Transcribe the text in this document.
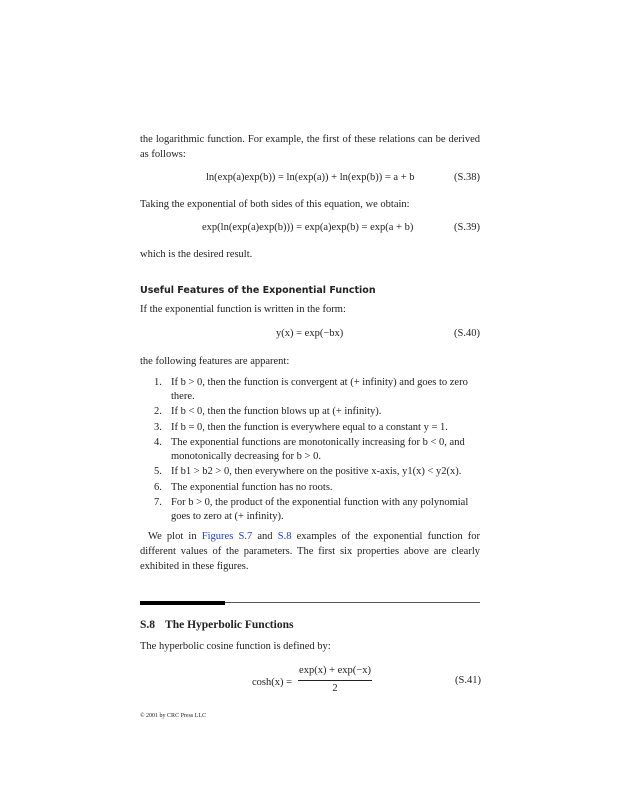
the logarithmic function. For example, the first of these relations can be derived as follows:
ln(exp(a)exp(b)) = ln(exp(a)) + ln(exp(b)) = a + b	(S.38)
Taking the exponential of both sides of this equation, we obtain:
exp(ln(exp(a)exp(b))) = exp(a)exp(b) = exp(a + b)	(S.39)
which is the desired result.
Useful Features of the Exponential Function
If the exponential function is written in the form:
y(x) = exp(−bx)	(S.40)
the following features are apparent:
1. If b > 0, then the function is convergent at (+ infinity) and goes to zero there.
2. If b < 0, then the function blows up at (+ infinity).
3. If b = 0, then the function is everywhere equal to a constant y = 1.
4. The exponential functions are monotonically increasing for b < 0, and monotonically decreasing for b > 0.
5. If b1 > b2 > 0, then everywhere on the positive x-axis, y1(x) < y2(x).
6. The exponential function has no roots.
7. For b > 0, the product of the exponential function with any polynomial goes to zero at (+ infinity).
We plot in Figures S.7 and S.8 examples of the exponential function for different values of the parameters. The first six properties above are clearly exhibited in these figures.
S.8 The Hyperbolic Functions
The hyperbolic cosine function is defined by:
cosh(x) =
exp(x) + exp(−x)
2
(S.41)
© 2001 by CRC Press LLC
